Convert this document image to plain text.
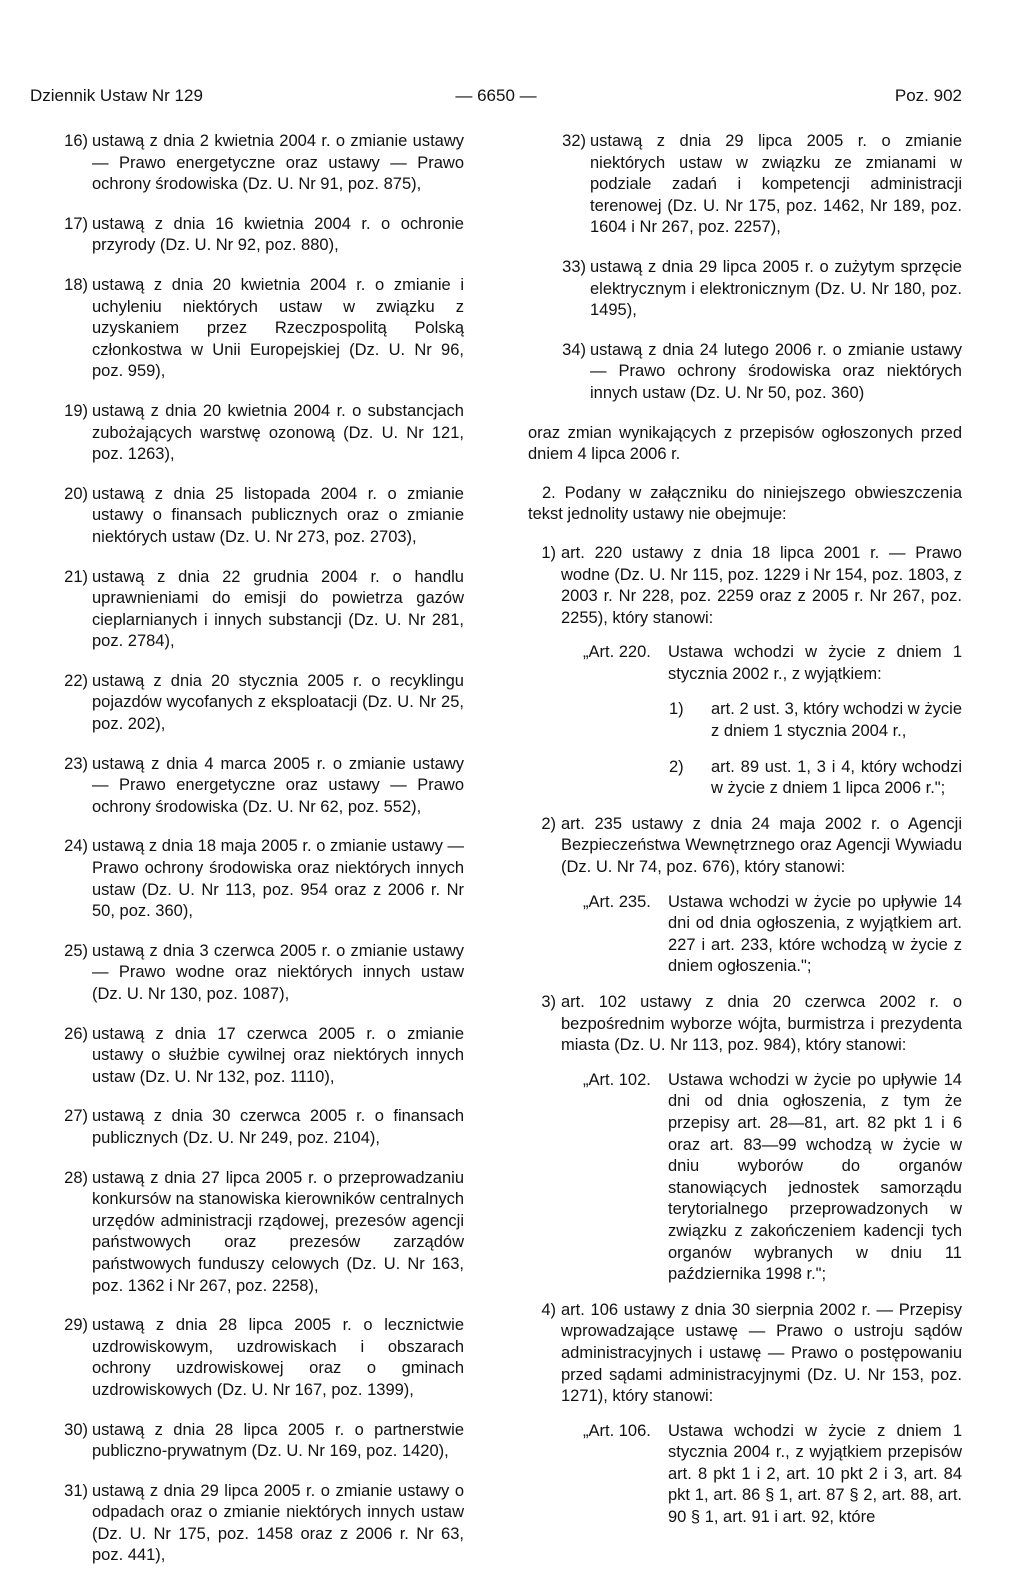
Dziennik Ustaw Nr 129	— 6650 —	Poz. 902
16) ustawą z dnia 2 kwietnia 2004 r. o zmianie ustawy — Prawo energetyczne oraz ustawy — Prawo ochrony środowiska (Dz. U. Nr 91, poz. 875),
17) ustawą z dnia 16 kwietnia 2004 r. o ochronie przyrody (Dz. U. Nr 92, poz. 880),
18) ustawą z dnia 20 kwietnia 2004 r. o zmianie i uchyleniu niektórych ustaw w związku z uzyskaniem przez Rzeczpospolitą Polską członkostwa w Unii Europejskiej (Dz. U. Nr 96, poz. 959),
19) ustawą z dnia 20 kwietnia 2004 r. o substancjach zubożających warstwę ozonową (Dz. U. Nr 121, poz. 1263),
20) ustawą z dnia 25 listopada 2004 r. o zmianie ustawy o finansach publicznych oraz o zmianie niektórych ustaw (Dz. U. Nr 273, poz. 2703),
21) ustawą z dnia 22 grudnia 2004 r. o handlu uprawnieniami do emisji do powietrza gazów cieplarnianych i innych substancji (Dz. U. Nr 281, poz. 2784),
22) ustawą z dnia 20 stycznia 2005 r. o recyklingu pojazdów wycofanych z eksploatacji (Dz. U. Nr 25, poz. 202),
23) ustawą z dnia 4 marca 2005 r. o zmianie ustawy — Prawo energetyczne oraz ustawy — Prawo ochrony środowiska (Dz. U. Nr 62, poz. 552),
24) ustawą z dnia 18 maja 2005 r. o zmianie ustawy — Prawo ochrony środowiska oraz niektórych innych ustaw (Dz. U. Nr 113, poz. 954 oraz z 2006 r. Nr 50, poz. 360),
25) ustawą z dnia 3 czerwca 2005 r. o zmianie ustawy — Prawo wodne oraz niektórych innych ustaw (Dz. U. Nr 130, poz. 1087),
26) ustawą z dnia 17 czerwca 2005 r. o zmianie ustawy o służbie cywilnej oraz niektórych innych ustaw (Dz. U. Nr 132, poz. 1110),
27) ustawą z dnia 30 czerwca 2005 r. o finansach publicznych (Dz. U. Nr 249, poz. 2104),
28) ustawą z dnia 27 lipca 2005 r. o przeprowadzaniu konkursów na stanowiska kierowników centralnych urzędów administracji rządowej, prezesów agencji państwowych oraz prezesów zarządów państwowych funduszy celowych (Dz. U. Nr 163, poz. 1362 i Nr 267, poz. 2258),
29) ustawą z dnia 28 lipca 2005 r. o lecznictwie uzdrowiskowym, uzdrowiskach i obszarach ochrony uzdrowiskowej oraz o gminach uzdrowiskowych (Dz. U. Nr 167, poz. 1399),
30) ustawą z dnia 28 lipca 2005 r. o partnerstwie publiczno-prywatnym (Dz. U. Nr 169, poz. 1420),
31) ustawą z dnia 29 lipca 2005 r. o zmianie ustawy o odpadach oraz o zmianie niektórych innych ustaw (Dz. U. Nr 175, poz. 1458 oraz z 2006 r. Nr 63, poz. 441),
32) ustawą z dnia 29 lipca 2005 r. o zmianie niektórych ustaw w związku ze zmianami w podziale zadań i kompetencji administracji terenowej (Dz. U. Nr 175, poz. 1462, Nr 189, poz. 1604 i Nr 267, poz. 2257),
33) ustawą z dnia 29 lipca 2005 r. o zużytym sprzęcie elektrycznym i elektronicznym (Dz. U. Nr 180, poz. 1495),
34) ustawą z dnia 24 lutego 2006 r. o zmianie ustawy — Prawo ochrony środowiska oraz niektórych innych ustaw (Dz. U. Nr 50, poz. 360)
oraz zmian wynikających z przepisów ogłoszonych przed dniem 4 lipca 2006 r.
2. Podany w załączniku do niniejszego obwieszczenia tekst jednolity ustawy nie obejmuje:
1) art. 220 ustawy z dnia 18 lipca 2001 r. — Prawo wodne (Dz. U. Nr 115, poz. 1229 i Nr 154, poz. 1803, z 2003 r. Nr 228, poz. 2259 oraz z 2005 r. Nr 267, poz. 2255), który stanowi:
„Art. 220. Ustawa wchodzi w życie z dniem 1 stycznia 2002 r., z wyjątkiem:
1) art. 2 ust. 3, który wchodzi w życie z dniem 1 stycznia 2004 r.,
2) art. 89 ust. 1, 3 i 4, który wchodzi w życie z dniem 1 lipca 2006 r.";
2) art. 235 ustawy z dnia 24 maja 2002 r. o Agencji Bezpieczeństwa Wewnętrznego oraz Agencji Wywiadu (Dz. U. Nr 74, poz. 676), który stanowi:
„Art. 235. Ustawa wchodzi w życie po upływie 14 dni od dnia ogłoszenia, z wyjątkiem art. 227 i art. 233, które wchodzą w życie z dniem ogłoszenia.";
3) art. 102 ustawy z dnia 20 czerwca 2002 r. o bezpośrednim wyborze wójta, burmistrza i prezydenta miasta (Dz. U. Nr 113, poz. 984), który stanowi:
„Art. 102. Ustawa wchodzi w życie po upływie 14 dni od dnia ogłoszenia, z tym że przepisy art. 28—81, art. 82 pkt 1 i 6 oraz art. 83—99 wchodzą w życie w dniu wyborów do organów stanowiących jednostek samorządu terytorialnego przeprowadzonych w związku z zakończeniem kadencji tych organów wybranych w dniu 11 października 1998 r.";
4) art. 106 ustawy z dnia 30 sierpnia 2002 r. — Przepisy wprowadzające ustawę — Prawo o ustroju sądów administracyjnych i ustawę — Prawo o postępowaniu przed sądami administracyjnymi (Dz. U. Nr 153, poz. 1271), który stanowi:
„Art. 106. Ustawa wchodzi w życie z dniem 1 stycznia 2004 r., z wyjątkiem przepisów art. 8 pkt 1 i 2, art. 10 pkt 2 i 3, art. 84 pkt 1, art. 86 § 1, art. 87 § 2, art. 88, art. 90 § 1, art. 91 i art. 92, które
